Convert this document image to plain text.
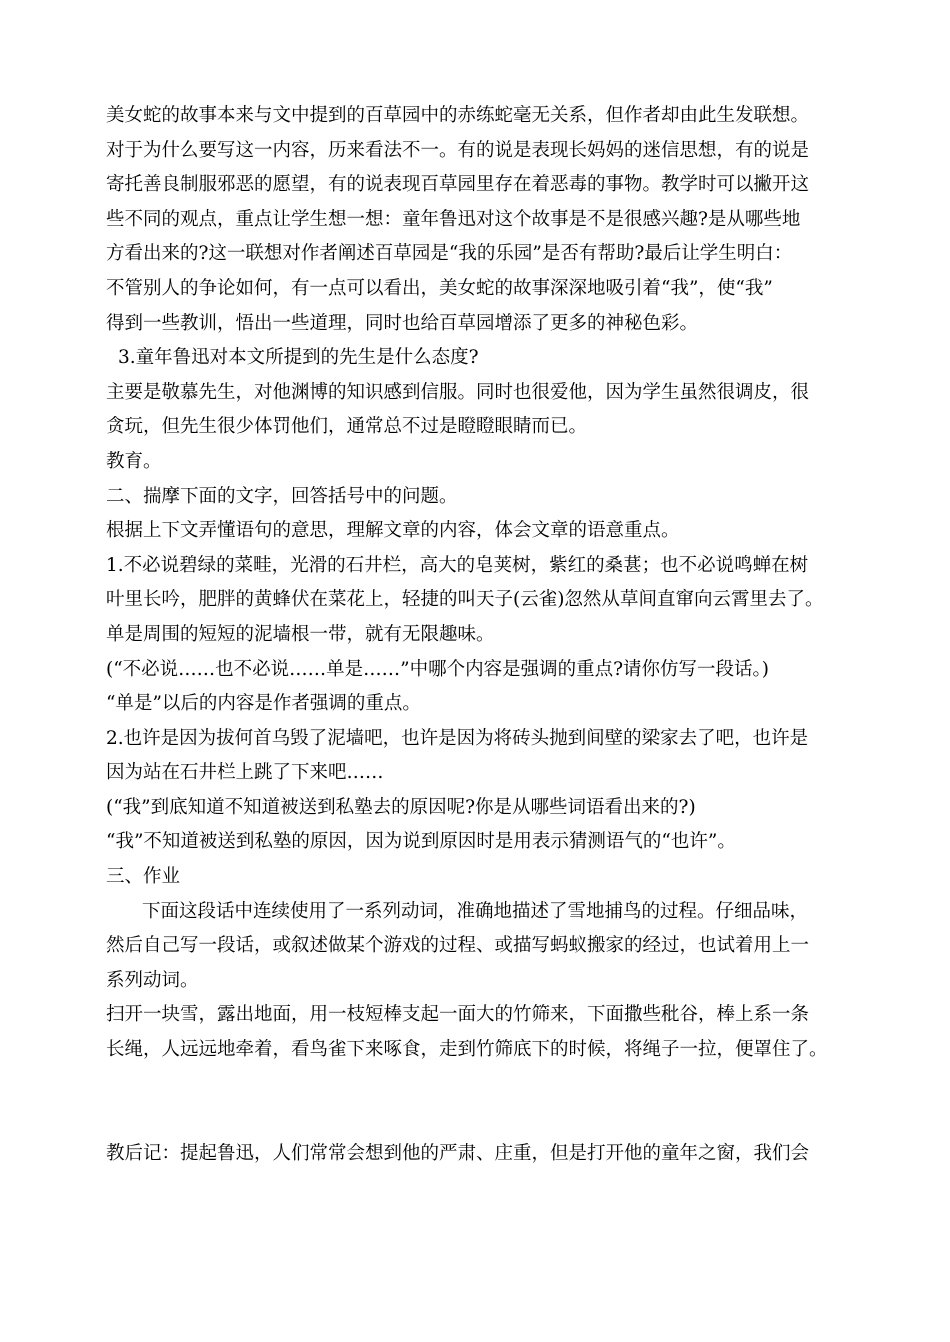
美女蛇的故事本来与文中提到的百草园中的赤练蛇毫无关系，但作者却由此生发联想。
对于为什么要写这一内容，历来看法不一。有的说是表现长妈妈的迷信思想，有的说是
寄托善良制服邪恶的愿望，有的说表现百草园里存在着恶毒的事物。教学时可以撇开这
些不同的观点，重点让学生想一想：童年鲁迅对这个故事是不是很感兴趣?是从哪些地
方看出来的?这一联想对作者阐述百草园是“我的乐园”是否有帮助?最后让学生明白：
不管别人的争论如何，有一点可以看出，美女蛇的故事深深地吸引着“我”，使“我”
得到一些教训，悟出一些道理，同时也给百草园增添了更多的神秘色彩。
3.童年鲁迅对本文所提到的先生是什么态度?
主要是敬慕先生，对他渊博的知识感到信服。同时也很爱他，因为学生虽然很调皮，很
贪玩，但先生很少体罚他们，通常总不过是瞪瞪眼睛而已。
教育。
二、揣摩下面的文字，回答括号中的问题。
根据上下文弄懂语句的意思，理解文章的内容，体会文章的语意重点。
1.不必说碧绿的菜畦，光滑的石井栏，高大的皂荚树，紫红的桑葚；也不必说鸣蝉在树
叶里长吟，肥胖的黄蜂伏在菜花上，轻捷的叫天子(云雀)忽然从草间直窜向云霄里去了。
单是周围的短短的泥墙根一带，就有无限趣味。
(“不必说……也不必说……单是……”中哪个内容是强调的重点?请你仿写一段话。)
“单是”以后的内容是作者强调的重点。
2.也许是因为拔何首乌毁了泥墙吧，也许是因为将砖头抛到间壁的梁家去了吧，也许是
因为站在石井栏上跳了下来吧……
(“我”到底知道不知道被送到私塾去的原因呢?你是从哪些词语看出来的?)
“我”不知道被送到私塾的原因，因为说到原因时是用表示猜测语气的“也许”。
三、作业
下面这段话中连续使用了一系列动词，准确地描述了雪地捕鸟的过程。仔细品味，
然后自己写一段话，或叙述做某个游戏的过程、或描写蚂蚁搬家的经过，也试着用上一
系列动词。
扫开一块雪，露出地面，用一枝短棒支起一面大的竹筛来，下面撒些秕谷，棒上系一条
长绳，人远远地牵着，看鸟雀下来啄食，走到竹筛底下的时候，将绳子一拉，便罩住了。
教后记：提起鲁迅，人们常常会想到他的严肃、庄重，但是打开他的童年之窗，我们会
